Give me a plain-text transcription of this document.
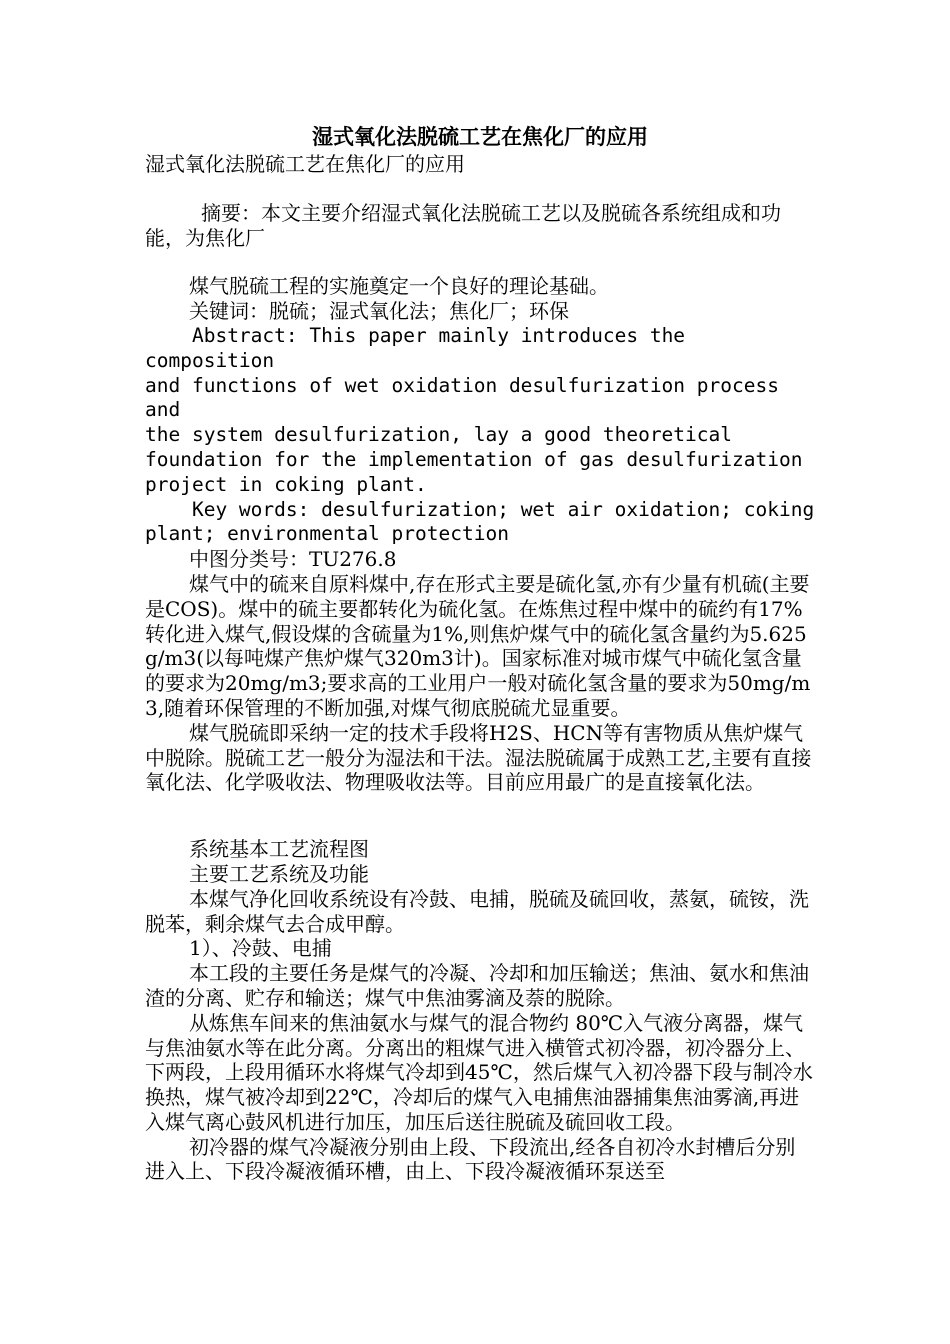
湿式氧化法脱硫工艺在焦化厂的应用

湿式氧化法脱硫工艺在焦化厂的应用

摘要：本文主要介绍湿式氧化法脱硫工艺以及脱硫各系统组成和功能，为焦化厂

煤气脱硫工程的实施奠定一个良好的理论基础。

关键词：脱硫；湿式氧化法；焦化厂；环保

Abstract: This paper mainly introduces the composition

and functions of wet oxidation desulfurization process and

the system desulfurization, lay a good theoretical

foundation for the implementation of gas desulfurization

project in coking plant.

Key words: desulfurization; wet air oxidation; coking

plant; environmental protection

中图分类号：TU276.8

煤气中的硫来自原料煤中,存在形式主要是硫化氢,亦有少量有机硫(主要是COS)。煤中的硫主要都转化为硫化氢。在炼焦过程中煤中的硫约有17%转化进入煤气,假设煤的含硫量为1%,则焦炉煤气中的硫化氢含量约为5.625g/m3(以每吨煤产焦炉煤气320m3计)。国家标准对城市煤气中硫化氢含量的要求为20mg/m3;要求高的工业用户一般对硫化氢含量的要求为50mg/m3,随着环保管理的不断加强,对煤气彻底脱硫尤显重要。

煤气脱硫即采纳一定的技术手段将H2S、HCN等有害物质从焦炉煤气中脱除。脱硫工艺一般分为湿法和干法。湿法脱硫属于成熟工艺,主要有直接氧化法、化学吸收法、物理吸收法等。目前应用最广的是直接氧化法。

系统基本工艺流程图

主要工艺系统及功能

本煤气净化回收系统设有冷鼓、电捕，脱硫及硫回收，蒸氨，硫铵，洗脱苯，剩余煤气去合成甲醇。

1）、冷鼓、电捕

本工段的主要任务是煤气的冷凝、冷却和加压输送；焦油、氨水和焦油渣的分离、贮存和输送；煤气中焦油雾滴及萘的脱除。

从炼焦车间来的焦油氨水与煤气的混合物约 80℃入气液分离器，煤气与焦油氨水等在此分离。分离出的粗煤气进入横管式初冷器，初冷器分上、下两段，上段用循环水将煤气冷却到45℃，然后煤气入初冷器下段与制冷水换热，煤气被冷却到22℃，冷却后的煤气入电捕焦油器捕集焦油雾滴,再进入煤气离心鼓风机进行加压，加压后送往脱硫及硫回收工段。

初冷器的煤气冷凝液分别由上段、下段流出,经各自初冷水封槽后分别进入上、下段冷凝液循环槽，由上、下段冷凝液循环泵送至
